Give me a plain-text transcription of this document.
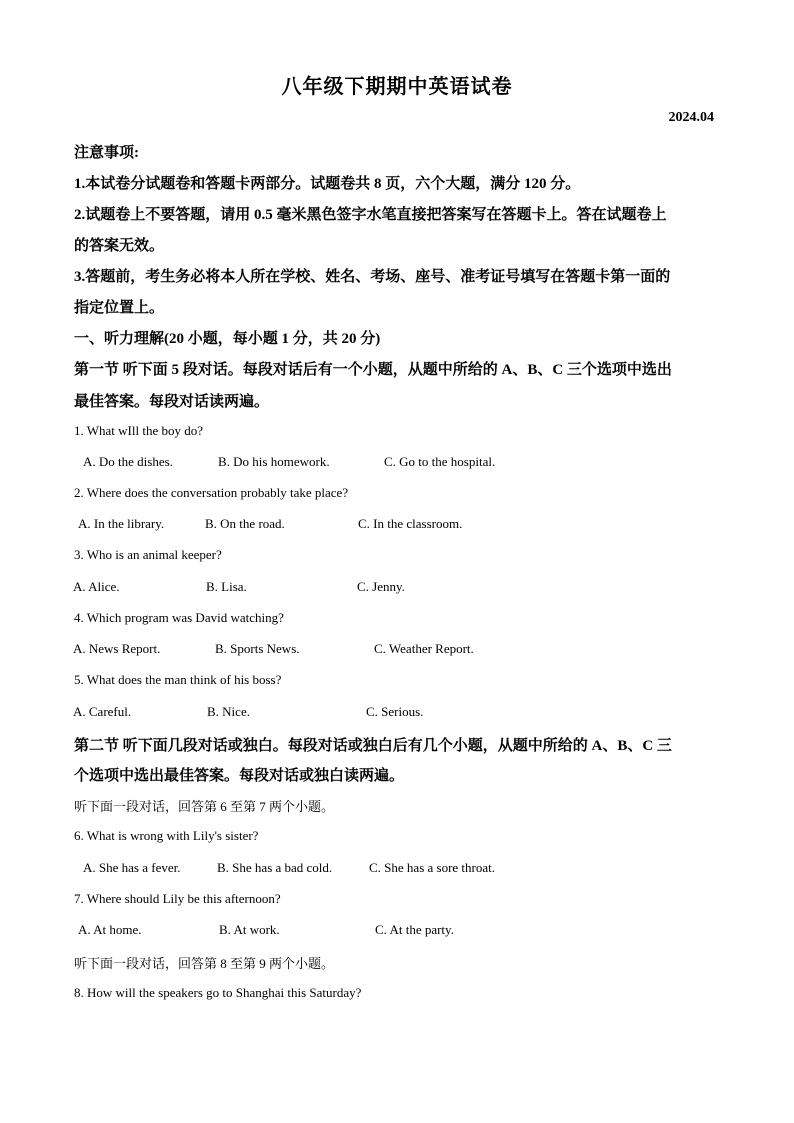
八年级下期期中英语试卷
2024.04
注意事项:
1.本试卷分试题卷和答题卡两部分。试题卷共 8 页，六个大题，满分 120 分。
2.试题卷上不要答题，请用 0.5 毫米黑色签字水笔直接把答案写在答题卡上。答在试题卷上
的答案无效。
3.答题前，考生务必将本人所在学校、姓名、考场、座号、准考证号填写在答题卡第一面的
指定位置上。
一、听力理解(20 小题，每小题 1 分，共 20 分)
第一节 听下面 5 段对话。每段对话后有一个小题，从题中所给的 A、B、C 三个选项中选出
最佳答案。每段对话读两遍。
1. What wIll the boy do?
A. Do the dishes.	B. Do his homework.	C. Go to the hospital.
2. Where does the conversation probably take place?
A. In the library.	B. On the road.	C. In the classroom.
3. Who is an animal keeper?
A. Alice.	B. Lisa.	C. Jenny.
4. Which program was David watching?
A. News Report.	B. Sports News.	C. Weather Report.
5. What does the man think of his boss?
A. Careful.	B. Nice.	C. Serious.
第二节 听下面几段对话或独白。每段对话或独白后有几个小题，从题中所给的 A、B、C 三
个选项中选出最佳答案。每段对话或独白读两遍。
听下面一段对话，回答第 6 至第 7 两个小题。
6. What is wrong with Lily's sister?
A. She has a fever.	B. She has a bad cold.	C. She has a sore throat.
7. Where should Lily be this afternoon?
A. At home.	B. At work.	C. At the party.
听下面一段对话，回答第 8 至第 9 两个小题。
8. How will the speakers go to Shanghai this Saturday?
